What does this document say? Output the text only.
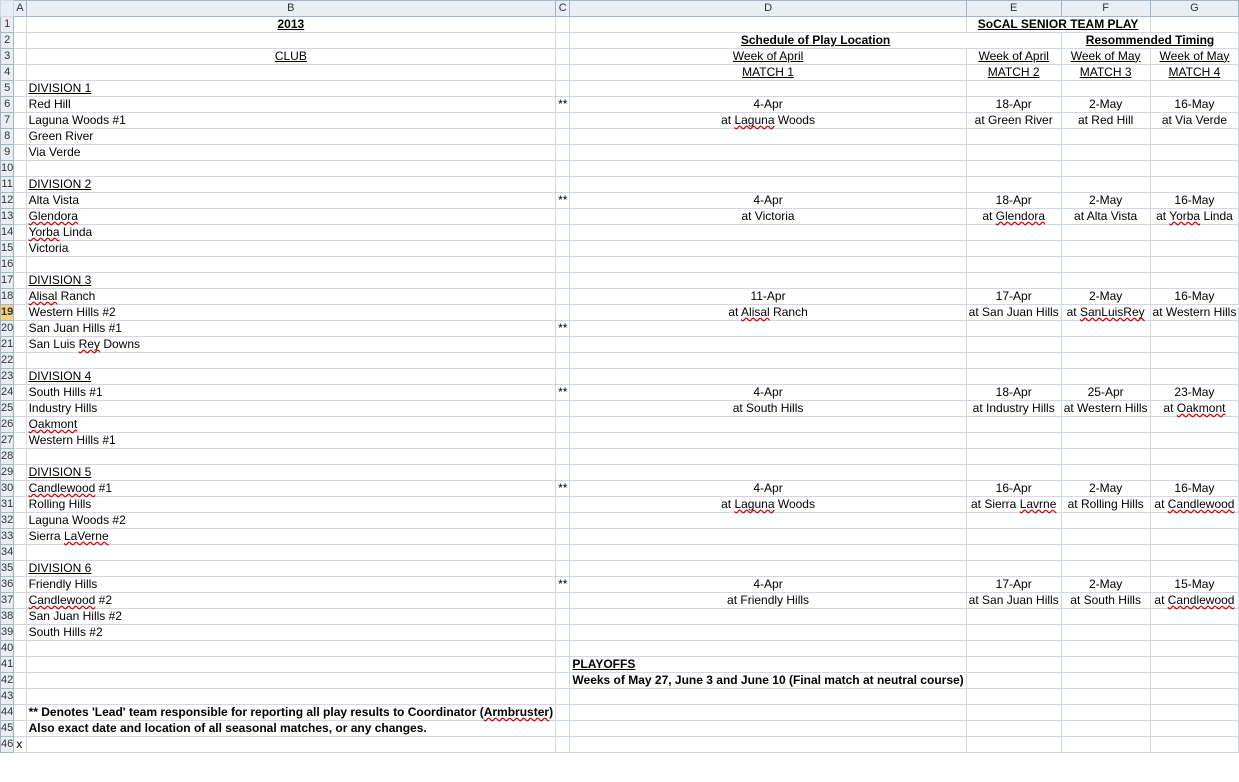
	A	B	C	D	E	F	G
1		2013			SoCAL SENIOR TEAM PLAY		
2				Schedule of Play Location		Resommended Timing	
3		CLUB		Week of April	Week of April	Week of May	Week of May
4				MATCH 1	MATCH 2	MATCH 3	MATCH 4
5		DIVISION 1					
6		Red Hill	**	4-Apr	18-Apr	2-May	16-May
7		Laguna Woods #1		at Laguna Woods	at Green River	at Red Hill	at Via Verde
8		Green River					
9		Via Verde					
10							
11		DIVISION 2					
12		Alta Vista	**	4-Apr	18-Apr	2-May	16-May
13		Glendora		at Victoria	at Glendora	at Alta Vista	at Yorba Linda
14		Yorba Linda					
15		Victoria					
16							
17		DIVISION 3					
18		Alisal Ranch		11-Apr	17-Apr	2-May	16-May
19		Western Hills #2		at Alisal Ranch	at San Juan Hills	at SanLuisRey	at Western Hills
20		San Juan Hills #1	**				
21		San Luis Rey Downs					
22							
23		DIVISION 4					
24		South Hills #1	**	4-Apr	18-Apr	25-Apr	23-May
25		Industry Hills		at South Hills	at Industry Hills	at Western Hills	at Oakmont
26		Oakmont					
27		Western Hills #1					
28							
29		DIVISION 5					
30		Candlewood #1	**	4-Apr	16-Apr	2-May	16-May
31		Rolling Hills		at Laguna Woods	at Sierra Lavrne	at Rolling Hills	at Candlewood
32		Laguna Woods #2					
33		Sierra LaVerne					
34							
35		DIVISION 6					
36		Friendly Hills	**	4-Apr	17-Apr	2-May	15-May
37		Candlewood #2		at Friendly Hills	at San Juan Hills	at South Hills	at Candlewood
38		San Juan Hills #2					
39		South Hills #2					
40							
41				PLAYOFFS			
42				Weeks of May 27, June 3 and June 10 (Final match at neutral course)			
43							
44		** Denotes 'Lead' team responsible for reporting all play results to Coordinator (Armbruster)					
45		Also exact date and location of all seasonal matches, or any changes.					
46	x						
